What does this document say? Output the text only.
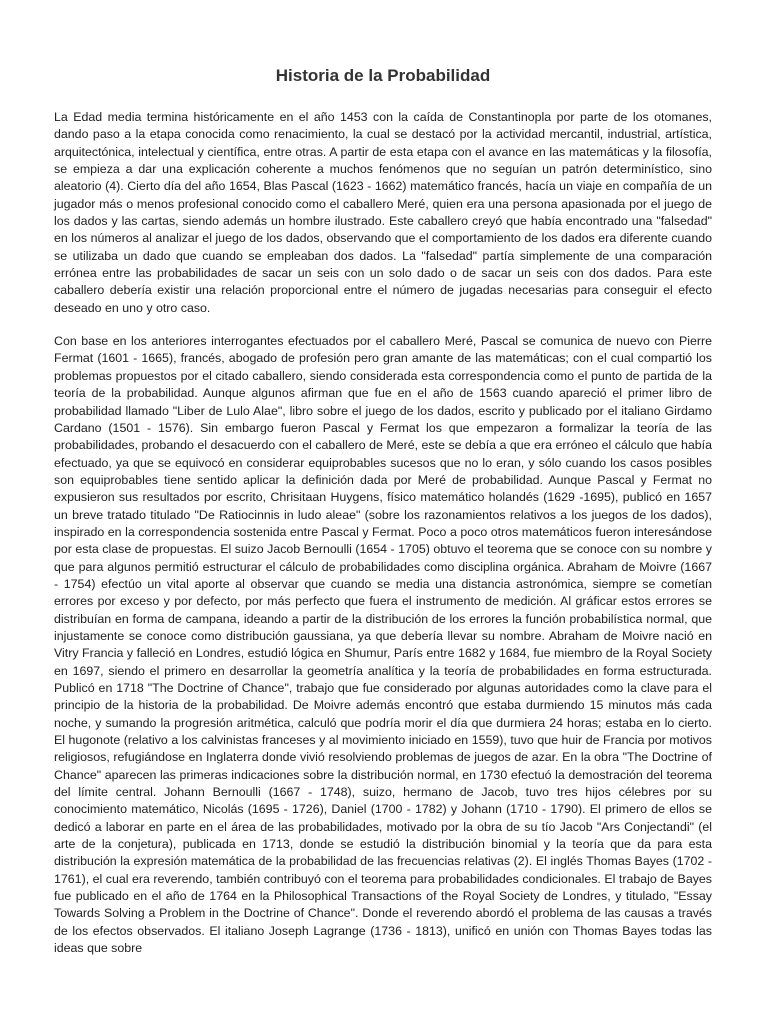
Historia de la Probabilidad

La Edad media termina históricamente en el año 1453 con la caída de Constantinopla por parte de los otomanes, dando paso a la etapa conocida como renacimiento, la cual se destacó por la actividad mercantil, industrial, artística, arquitectónica, intelectual y científica, entre otras. A partir de esta etapa con el avance en las matemáticas y la filosofía, se empieza a dar una explicación coherente a muchos fenómenos que no seguían un patrón determinístico, sino aleatorio (4). Cierto día del año 1654, Blas Pascal (1623 - 1662) matemático francés, hacía un viaje en compañía de un jugador más o menos profesional conocido como el caballero Meré, quien era una persona apasionada por el juego de los dados y las cartas, siendo además un hombre ilustrado. Este caballero creyó que había encontrado una "falsedad" en los números al analizar el juego de los dados, observando que el comportamiento de los dados era diferente cuando se utilizaba un dado que cuando se empleaban dos dados. La "falsedad" partía simplemente de una comparación errónea entre las probabilidades de sacar un seis con un solo dado o de sacar un seis con dos dados. Para este caballero debería existir una relación proporcional entre el número de jugadas necesarias para conseguir el efecto deseado en uno y otro caso.

Con base en los anteriores interrogantes efectuados por el caballero Meré, Pascal se comunica de nuevo con Pierre Fermat (1601 - 1665), francés, abogado de profesión pero gran amante de las matemáticas; con el cual compartió los problemas propuestos por el citado caballero, siendo considerada esta correspondencia como el punto de partida de la teoría de la probabilidad. Aunque algunos afirman que fue en el año de 1563 cuando apareció el primer libro de probabilidad llamado "Liber de Lulo Alae", libro sobre el juego de los dados, escrito y publicado por el italiano Girdamo Cardano (1501 - 1576). Sin embargo fueron Pascal y Fermat los que empezaron a formalizar la teoría de las probabilidades, probando el desacuerdo con el caballero de Meré, este se debía a que era erróneo el cálculo que había efectuado, ya que se equivocó en considerar equiprobables sucesos que no lo eran, y sólo cuando los casos posibles son equiprobables tiene sentido aplicar la definición dada por Meré de probabilidad. Aunque Pascal y Fermat no expusieron sus resultados por escrito, Chrisitaan Huygens, físico matemático holandés (1629 -1695), publicó en 1657 un breve tratado titulado "De Ratiocinnis in ludo aleae" (sobre los razonamientos relativos a los juegos de los dados), inspirado en la correspondencia sostenida entre Pascal y Fermat. Poco a poco otros matemáticos fueron interesándose por esta clase de propuestas. El suizo Jacob Bernoulli (1654 - 1705) obtuvo el teorema que se conoce con su nombre y que para algunos permitió estructurar el cálculo de probabilidades como disciplina orgánica. Abraham de Moivre (1667 - 1754) efectúo un vital aporte al observar que cuando se media una distancia astronómica, siempre se cometían errores por exceso y por defecto, por más perfecto que fuera el instrumento de medición. Al gráficar estos errores se distribuían en forma de campana, ideando a partir de la distribución de los errores la función probabilística normal, que injustamente se conoce como distribución gaussiana, ya que debería llevar su nombre. Abraham de Moivre nació en Vitry Francia y falleció en Londres, estudió lógica en Shumur, París entre 1682 y 1684, fue miembro de la Royal Society en 1697, siendo el primero en desarrollar la geometría analítica y la teoría de probabilidades en forma estructurada. Publicó en 1718 "The Doctrine of Chance", trabajo que fue considerado por algunas autoridades como la clave para el principio de la historia de la probabilidad. De Moivre además encontró que estaba durmiendo 15 minutos más cada noche, y sumando la progresión aritmética, calculó que podría morir el día que durmiera 24 horas; estaba en lo cierto. El hugonote (relativo a los calvinistas franceses y al movimiento iniciado en 1559), tuvo que huir de Francia por motivos religiosos, refugiándose en Inglaterra donde vivió resolviendo problemas de juegos de azar. En la obra "The Doctrine of Chance" aparecen las primeras indicaciones sobre la distribución normal, en 1730 efectuó la demostración del teorema del límite central. Johann Bernoulli (1667 - 1748), suizo, hermano de Jacob, tuvo tres hijos célebres por su conocimiento matemático, Nicolás (1695 - 1726), Daniel (1700 - 1782) y Johann (1710 - 1790). El primero de ellos se dedicó a laborar en parte en el área de las probabilidades, motivado por la obra de su tío Jacob "Ars Conjectandi" (el arte de la conjetura), publicada en 1713, donde se estudió la distribución binomial y la teoría que da para esta distribución la expresión matemática de la probabilidad de las frecuencias relativas (2). El inglés Thomas Bayes (1702 - 1761), el cual era reverendo, también contribuyó con el teorema para probabilidades condicionales. El trabajo de Bayes fue publicado en el año de 1764 en la Philosophical Transactions of the Royal Society de Londres, y titulado, "Essay Towards Solving a Problem in the Doctrine of Chance". Donde el reverendo abordó el problema de las causas a través de los efectos observados. El italiano Joseph Lagrange (1736 - 1813), unificó en unión con Thomas Bayes todas las ideas que sobre
